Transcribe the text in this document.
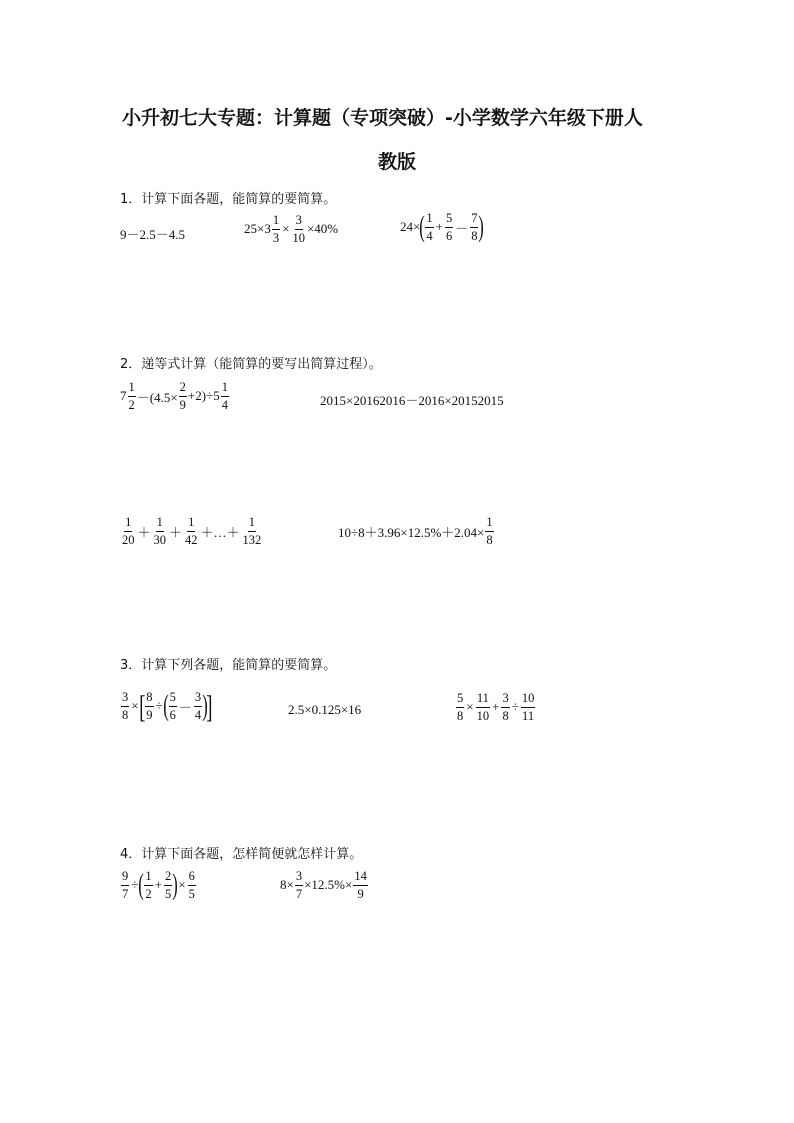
小升初七大专题：计算题（专项突破）-小学数学六年级下册人
教版
1．计算下面各题，能简算的要简算。
9－2.5－4.5	$25\times 3 \frac{1}{3} \times \frac{3}{10} \times 40\%$	24× ( $\frac{1}{4} + \frac{5}{6} - \frac{7}{8}$ )
2．递等式计算（能简算的要写出简算过程）。
$7 \frac{1}{2} -(4.5\times \frac{2}{9} +2)\div 5 \frac{1}{4}$	2015×20162016－2016×20152015
$\frac{1}{20} + \frac{1}{30} + \frac{1}{42}$ ＋…＋ $\frac{1}{132}$	$10\div 8+3.96\times 12.5\%+2.04\times \frac{1}{8}$
3．计算下列各题，能简算的要简算。
$\frac{3}{8}$ × [ $\frac{8}{9}$ ÷ ( $\frac{5}{6} - \frac{3}{4}$ )
]	2.5×0.125×16	$\frac{5}{8} \times \frac{11}{10} + \frac{3}{8} \div \frac{10}{11}$
4．计算下面各题，怎样简便就怎样计算。
$\frac{9}{7}$ ÷ ( $\frac{1}{2} + \frac{2}{5}$ ) × $\frac{6}{5}$	$8\times \frac{3}{7} \times 12.5\%\times \frac{14}{9}$
